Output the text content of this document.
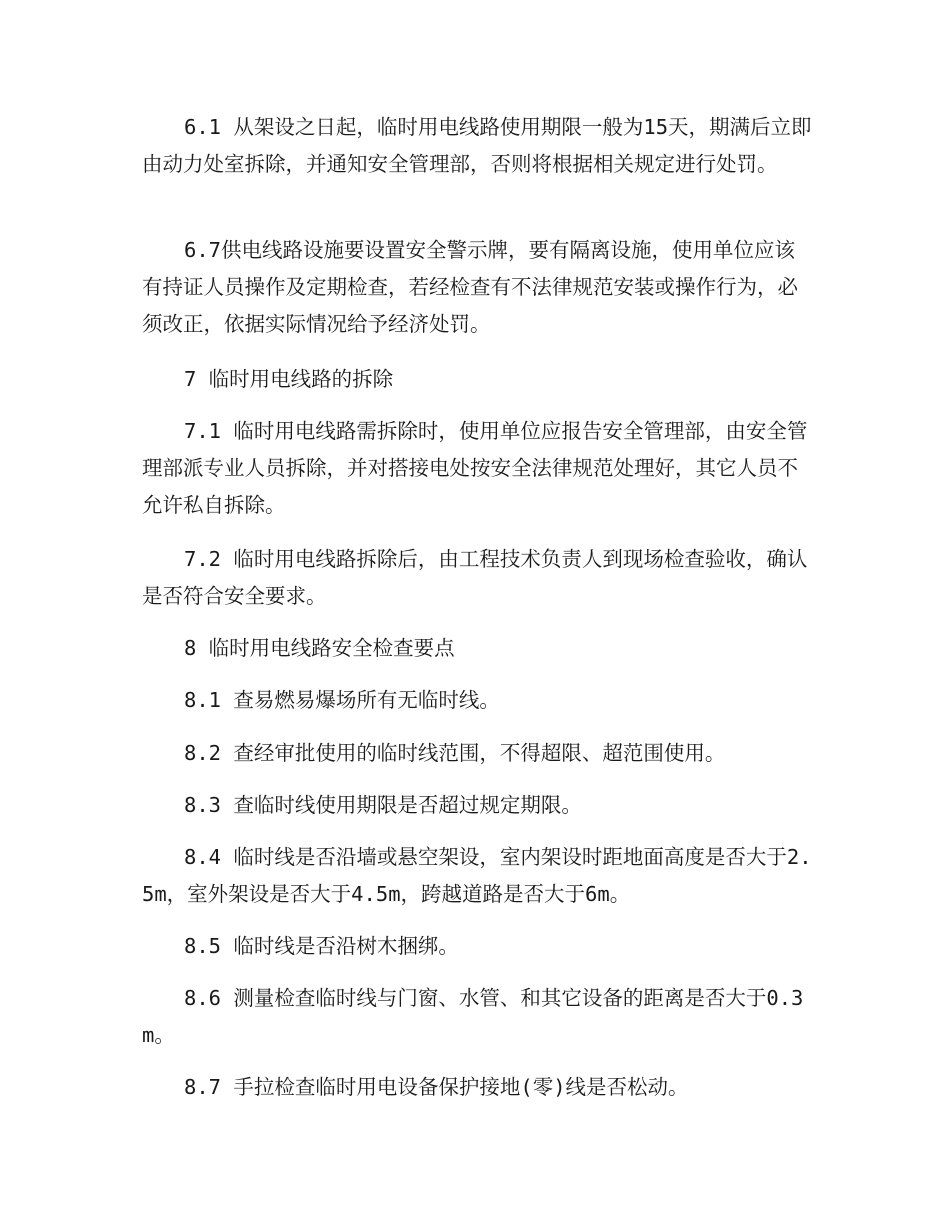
6.1 从架设之日起，临时用电线路使用期限一般为15天，期满后立即由动力处室拆除，并通知安全管理部，否则将根据相关规定进行处罚。

6.7供电线路设施要设置安全警示牌，要有隔离设施，使用单位应该有持证人员操作及定期检查，若经检查有不法律规范安装或操作行为，必须改正，依据实际情况给予经济处罚。

7 临时用电线路的拆除

7.1 临时用电线路需拆除时，使用单位应报告安全管理部，由安全管理部派专业人员拆除，并对搭接电处按安全法律规范处理好，其它人员不允许私自拆除。

7.2 临时用电线路拆除后，由工程技术负责人到现场检查验收，确认是否符合安全要求。

8 临时用电线路安全检查要点

8.1 查易燃易爆场所有无临时线。

8.2 查经审批使用的临时线范围，不得超限、超范围使用。

8.3 查临时线使用期限是否超过规定期限。

8.4 临时线是否沿墙或悬空架设，室内架设时距地面高度是否大于2.5m，室外架设是否大于4.5m，跨越道路是否大于6m。

8.5 临时线是否沿树木捆绑。

8.6 测量检查临时线与门窗、水管、和其它设备的距离是否大于0.3m。

8.7 手拉检查临时用电设备保护接地(零)线是否松动。
